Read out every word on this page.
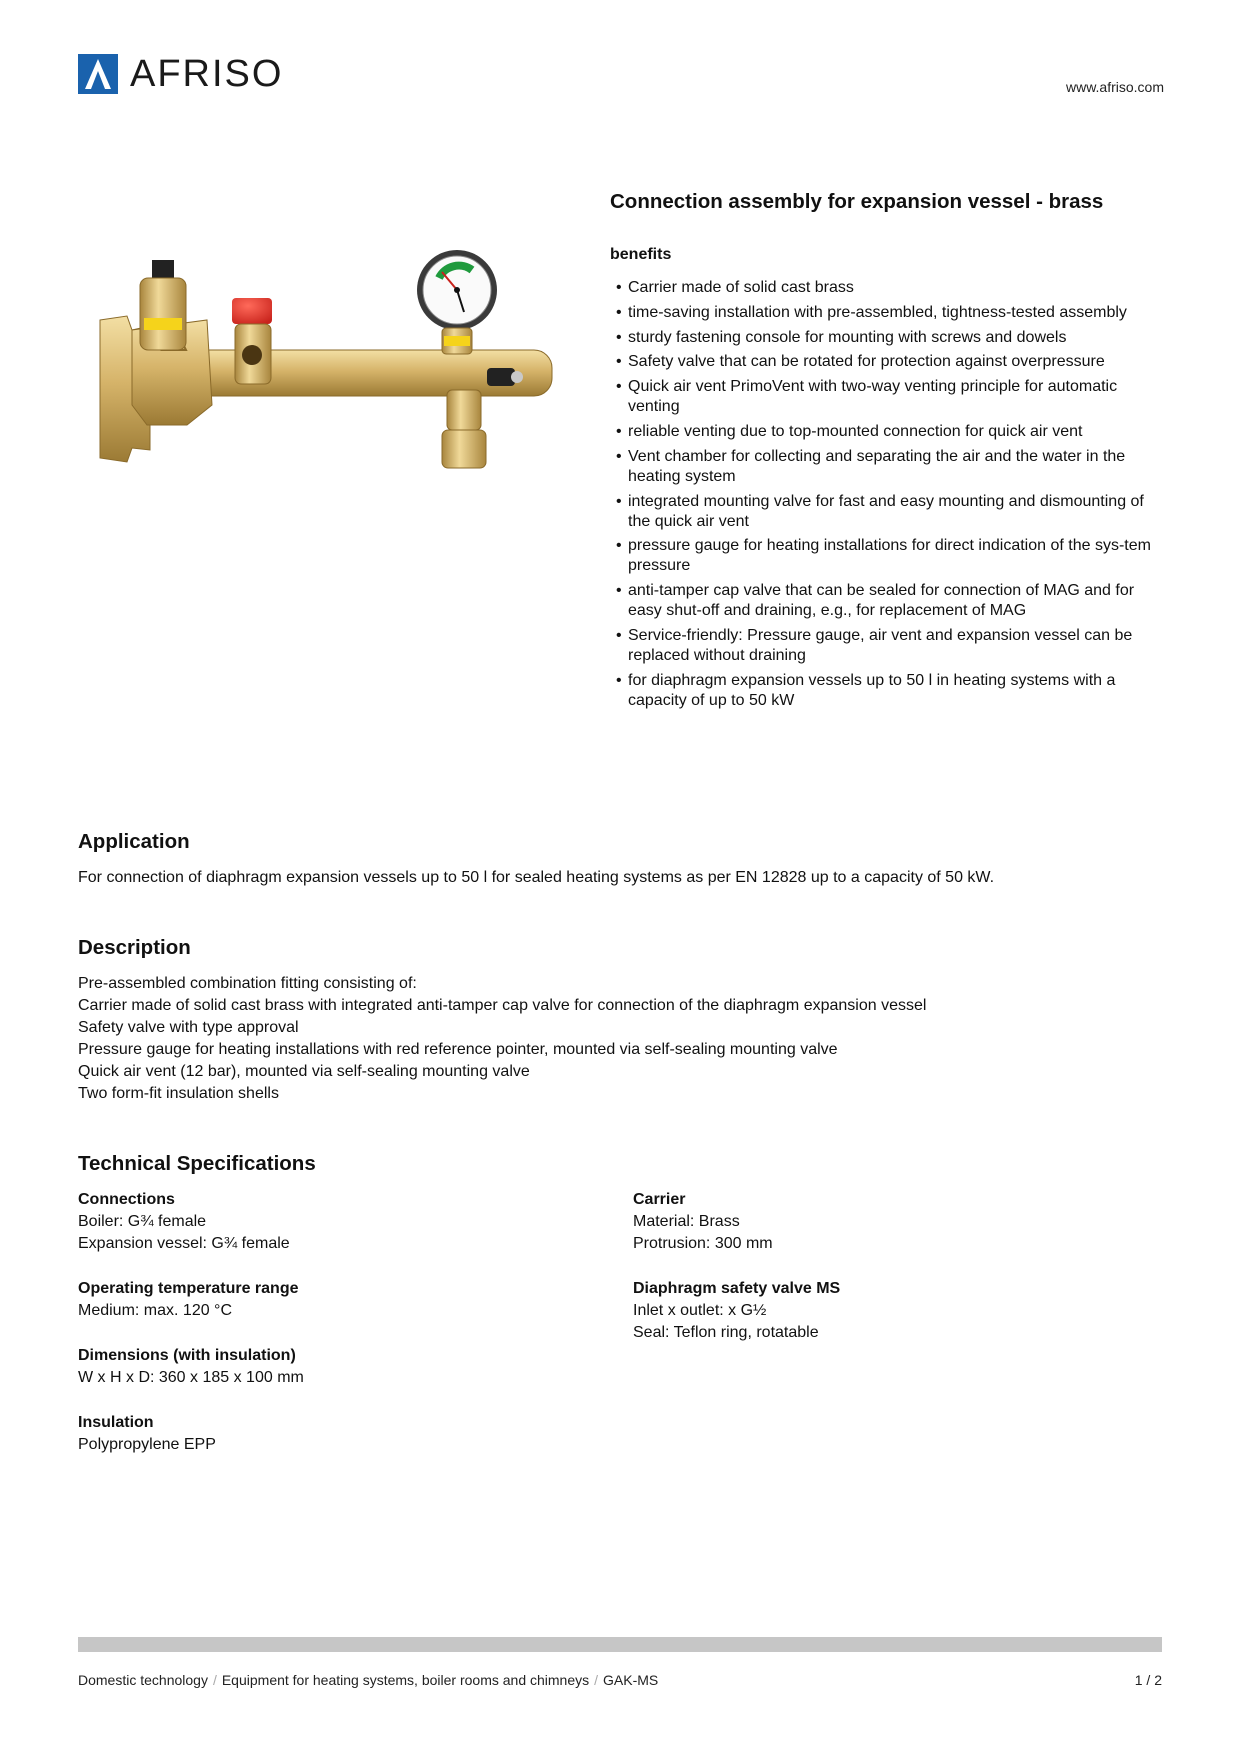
AFRISO	www.afriso.com
Connection assembly for expansion vessel - brass
benefits
• Carrier made of solid cast brass
• time-saving installation with pre-assembled, tightness-tested assembly
• sturdy fastening console for mounting with screws and dowels
• Safety valve that can be rotated for protection against overpressure
• Quick air vent PrimoVent with two-way venting principle for automatic venting
• reliable venting due to top-mounted connection for quick air vent
• Vent chamber for collecting and separating the air and the water in the heating system
• integrated mounting valve for fast and easy mounting and dismounting of the quick air vent
• pressure gauge for heating installations for direct indication of the sys-tem pressure
• anti-tamper cap valve that can be sealed for connection of MAG and for easy shut-off and draining, e.g., for replacement of MAG
• Service-friendly: Pressure gauge, air vent and expansion vessel can be replaced without draining
• for diaphragm expansion vessels up to 50 l in heating systems with a capacity of up to 50 kW
Application
For connection of diaphragm expansion vessels up to 50 l for sealed heating systems as per EN 12828 up to a capacity of 50 kW.
Description
Pre-assembled combination fitting consisting of:
Carrier made of solid cast brass with integrated anti-tamper cap valve for connection of the diaphragm expansion vessel
Safety valve with type approval
Pressure gauge for heating installations with red reference pointer, mounted via self-sealing mounting valve
Quick air vent (12 bar), mounted via self-sealing mounting valve
Two form-fit insulation shells
Technical Specifications
Connections
Boiler: G¾ female
Expansion vessel: G¾ female
Operating temperature range
Medium: max. 120 °C
Dimensions (with insulation)
W x H x D: 360 x 185 x 100 mm
Insulation
Polypropylene EPP
Carrier
Material: Brass
Protrusion: 300 mm
Diaphragm safety valve MS
Inlet x outlet: x G½
Seal: Teflon ring, rotatable
Domestic technology / Equipment for heating systems, boiler rooms and chimneys / GAK-MS	1 / 2
